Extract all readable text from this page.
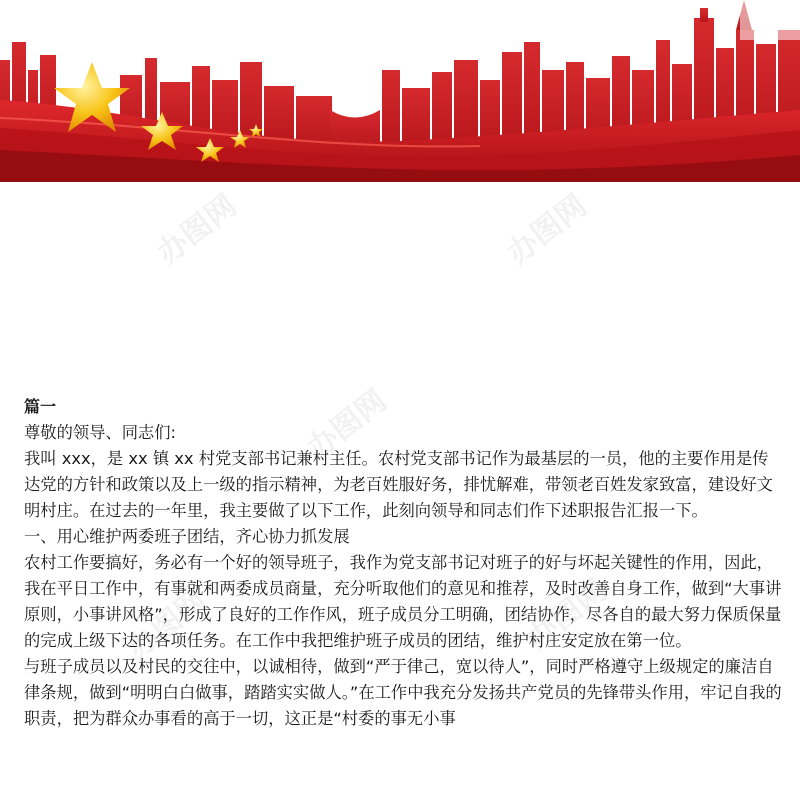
办图网	办图网
办图网
办图网
办图网

篇一

尊敬的领导、同志们:

我叫 xxx，是 xx 镇 xx 村党支部书记兼村主任。农村党支部书记作为最基层的一员，他的主要作用是传达党的方针和政策以及上一级的指示精神，为老百姓服好务，排忧解难，带领老百姓发家致富，建设好文明村庄。在过去的一年里，我主要做了以下工作，此刻向领导和同志们作下述职报告汇报一下。

一、用心维护两委班子团结，齐心协力抓发展

农村工作要搞好，务必有一个好的领导班子，我作为党支部书记对班子的好与坏起关键性的作用，因此，我在平日工作中，有事就和两委成员商量，充分听取他们的意见和推荐，及时改善自身工作，做到“大事讲原则，小事讲风格”，形成了良好的工作作风，班子成员分工明确，团结协作，尽各自的最大努力保质保量的完成上级下达的各项任务。在工作中我把维护班子成员的团结，维护村庄安定放在第一位。

与班子成员以及村民的交往中，以诚相待，做到“严于律己，宽以待人”，同时严格遵守上级规定的廉洁自律条规，做到“明明白白做事，踏踏实实做人。”在工作中我充分发扬共产党员的先锋带头作用，牢记自我的职责，把为群众办事看的高于一切，这正是“村委的事无小事
